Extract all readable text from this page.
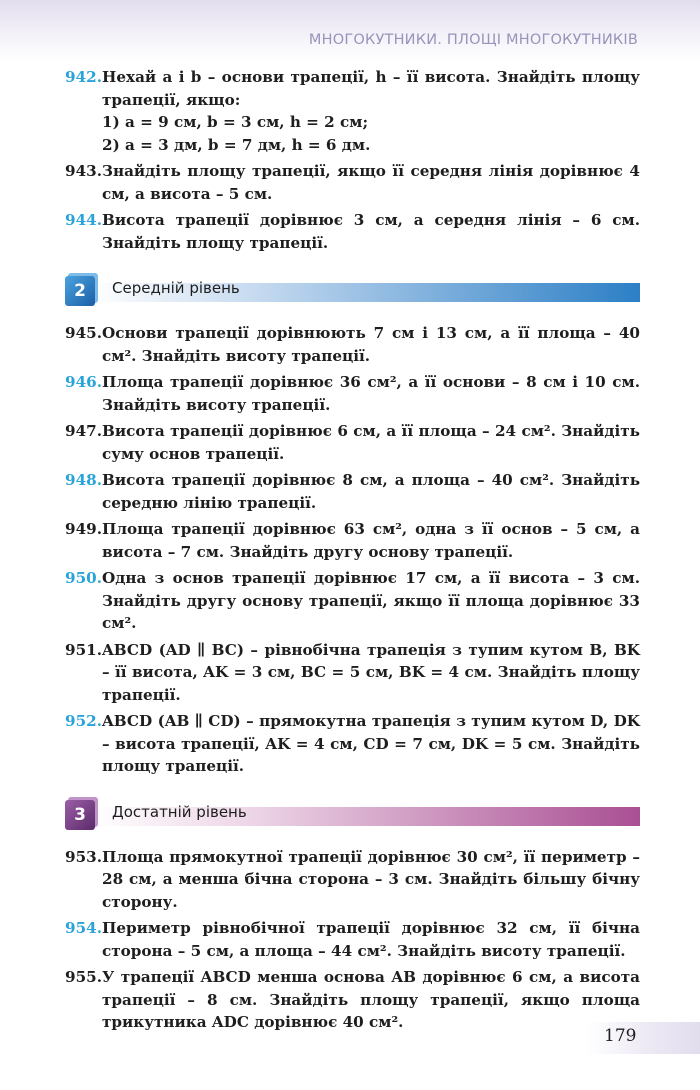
МНОГОКУТНИКИ. ПЛОЩІ МНОГОКУТНИКІВ
942. Нехай a і b – основи трапеції, h – її висота. Знайдіть площу трапеції, якщо:
1) a = 9 см, b = 3 см, h = 2 см;
2) a = 3 дм, b = 7 дм, h = 6 дм.
943. Знайдіть площу трапеції, якщо її середня лінія дорівнює 4 см, а висота – 5 см.
944. Висота трапеції дорівнює 3 см, а середня лінія – 6 см. Знайдіть площу трапеції.
2	Середній рівень
945. Основи трапеції дорівнюють 7 см і 13 см, а її площа – 40 см². Знайдіть висоту трапеції.
946. Площа трапеції дорівнює 36 см², а її основи – 8 см і 10 см. Знайдіть висоту трапеції.
947. Висота трапеції дорівнює 6 см, а її площа – 24 см². Знайдіть суму основ трапеції.
948. Висота трапеції дорівнює 8 см, а площа – 40 см². Знайдіть середню лінію трапеції.
949. Площа трапеції дорівнює 63 см², одна з її основ – 5 см, а висота – 7 см. Знайдіть другу основу трапеції.
950. Одна з основ трапеції дорівнює 17 см, а її висота – 3 см. Знайдіть другу основу трапеції, якщо її площа дорівнює 33 см².
951. ABCD (AD ∥ BC) – рівнобічна трапеція з тупим кутом B, BK – її висота, AK = 3 см, BC = 5 см, BK = 4 см. Знайдіть площу трапеції.
952. ABCD (AB ∥ CD) – прямокутна трапеція з тупим кутом D, DK – висота трапеції, AK = 4 см, CD = 7 см, DK = 5 см. Знайдіть площу трапеції.
3	Достатній рівень
953. Площа прямокутної трапеції дорівнює 30 см², її периметр – 28 см, а менша бічна сторона – 3 см. Знайдіть більшу бічну сторону.
954. Периметр рівнобічної трапеції дорівнює 32 см, її бічна сторона – 5 см, а площа – 44 см². Знайдіть висоту трапеції.
955. У трапеції ABCD менша основа AB дорівнює 6 см, а висота трапеції – 8 см. Знайдіть площу трапеції, якщо площа трикутника ADC дорівнює 40 см².
179
